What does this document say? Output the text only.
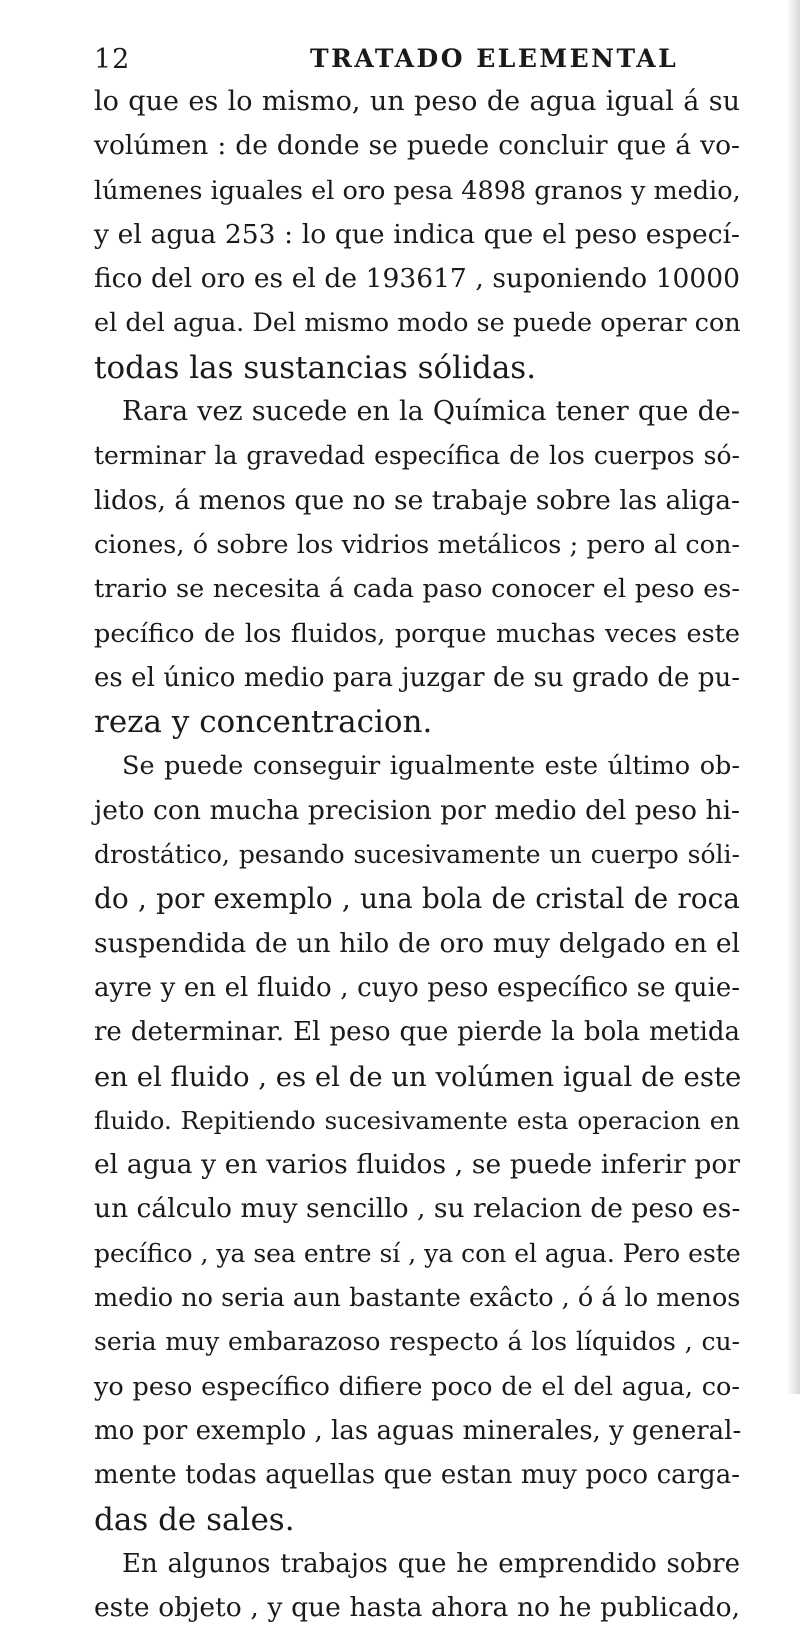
12	TRATADO ELEMENTAL
lo que es lo mismo, un peso de agua igual á su
volúmen : de donde se puede concluir que á vo-
lúmenes iguales el oro pesa 4898 granos y medio,
y el agua 253 : lo que indica que el peso especí-
fico del oro es el de 193617 , suponiendo 10000
el del agua. Del mismo modo se puede operar con
todas las sustancias sólidas.
Rara vez sucede en la Química tener que de-
terminar la gravedad específica de los cuerpos só-
lidos, á menos que no se trabaje sobre las aliga-
ciones, ó sobre los vidrios metálicos ; pero al con-
trario se necesita á cada paso conocer el peso es-
pecífico de los fluidos, porque muchas veces este
es el único medio para juzgar de su grado de pu-
reza y concentracion.
Se puede conseguir igualmente este último ob-
jeto con mucha precision por medio del peso hi-
drostático, pesando sucesivamente un cuerpo sóli-
do , por exemplo , una bola de cristal de roca
suspendida de un hilo de oro muy delgado en el
ayre y en el fluido , cuyo peso específico se quie-
re determinar. El peso que pierde la bola metida
en el fluido , es el de un volúmen igual de este
fluido. Repitiendo sucesivamente esta operacion en
el agua y en varios fluidos , se puede inferir por
un cálculo muy sencillo , su relacion de peso es-
pecífico , ya sea entre sí , ya con el agua. Pero este
medio no seria aun bastante exâcto , ó á lo menos
seria muy embarazoso respecto á los líquidos , cu-
yo peso específico difiere poco de el del agua, co-
mo por exemplo , las aguas minerales, y general-
mente todas aquellas que estan muy poco carga-
das de sales.
En algunos trabajos que he emprendido sobre
este objeto , y que hasta ahora no he publicado,
